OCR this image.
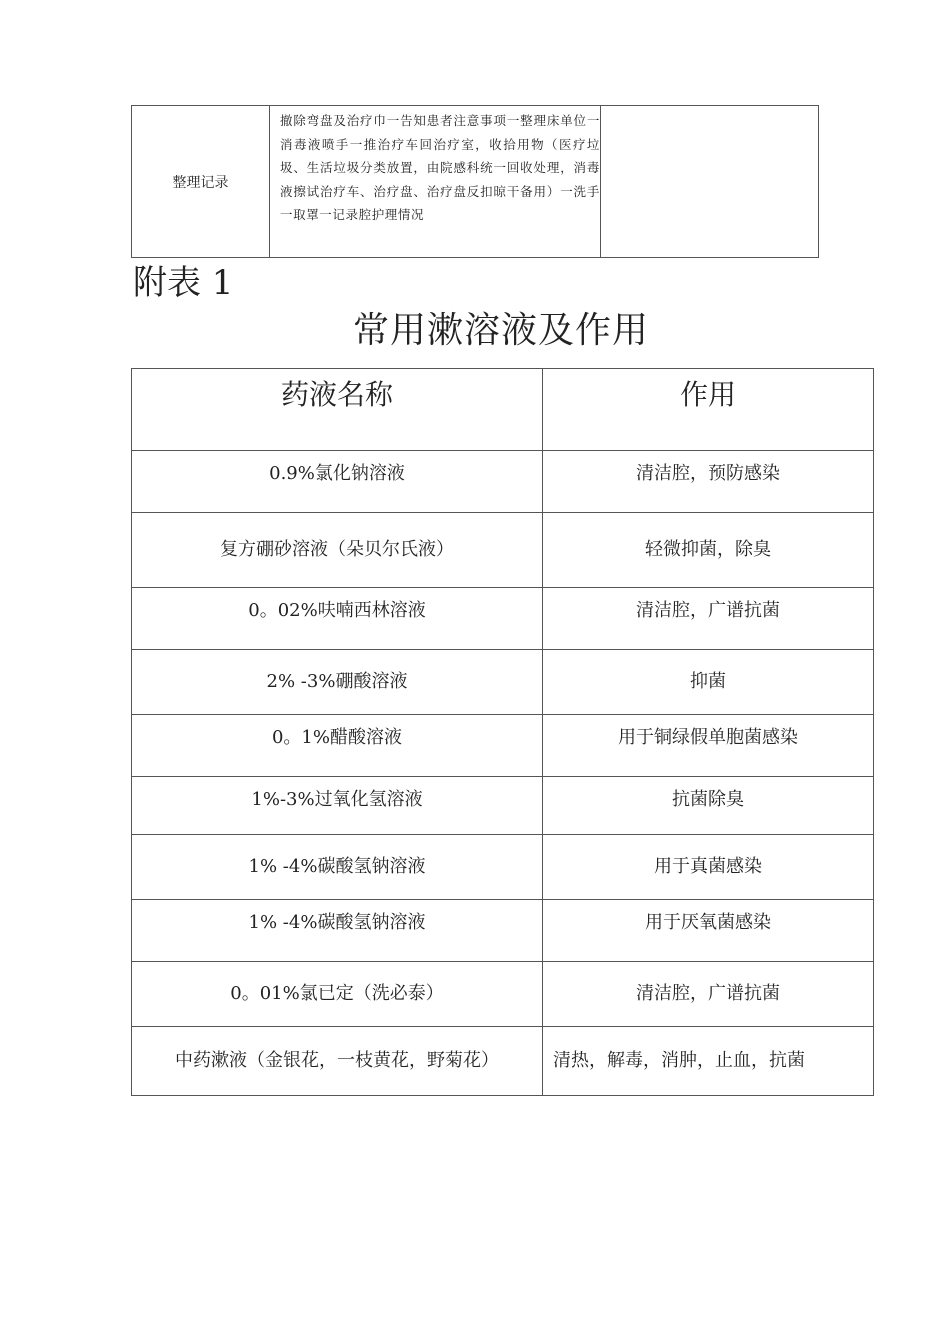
整理记录	撤除弯盘及治疗巾一告知患者注意事项一整理床单位一消毒液喷手一推治疗车回治疗室，收拾用物（医疗垃圾、生活垃圾分类放置，由院感科统一回收处理，消毒液擦试治疗车、治疗盘、治疗盘反扣晾干备用）一洗手一取罩一记录腔护理情况	
附表 1
常用漱溶液及作用
药液名称	作用
0.9%氯化钠溶液	清洁腔，预防感染
复方硼砂溶液（朵贝尔氏液）	轻微抑菌，除臭
0。02%呋喃西林溶液	清洁腔，广谱抗菌
2% -3%硼酸溶液	抑菌
0。1%醋酸溶液	用于铜绿假单胞菌感染
1%-3%过氧化氢溶液	抗菌除臭
1% -4%碳酸氢钠溶液	用于真菌感染
1% -4%碳酸氢钠溶液	用于厌氧菌感染
0。01%氯已定（洗必泰）	清洁腔，广谱抗菌
中药漱液（金银花，一枝黄花，野菊花）	清热，解毒，消肿，止血，抗菌
